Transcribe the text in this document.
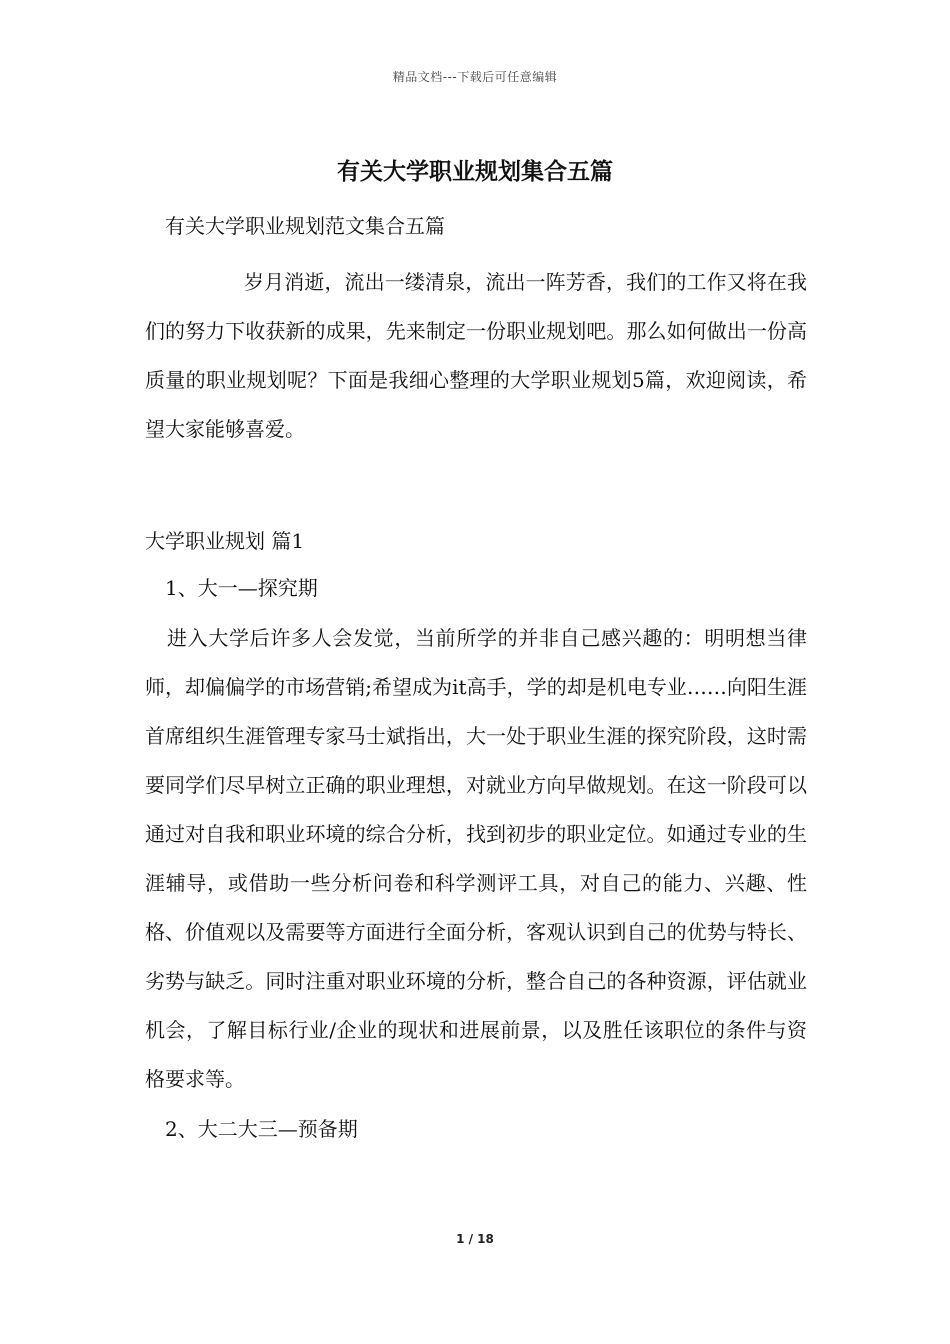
精品文档---下载后可任意编辑
有关大学职业规划集合五篇

有关大学职业规划范文集合五篇

岁月消逝，流出一缕清泉，流出一阵芳香，我们的工作又将在我们的努力下收获新的成果，先来制定一份职业规划吧。那么如何做出一份高质量的职业规划呢？下面是我细心整理的大学职业规划5篇，欢迎阅读，希望大家能够喜爱。

大学职业规划 篇1

1、大一—探究期

进入大学后许多人会发觉，当前所学的并非自己感兴趣的：明明想当律师，却偏偏学的市场营销;希望成为it高手，学的却是机电专业……向阳生涯首席组织生涯管理专家马士斌指出，大一处于职业生涯的探究阶段，这时需要同学们尽早树立正确的职业理想，对就业方向早做规划。在这一阶段可以通过对自我和职业环境的综合分析，找到初步的职业定位。如通过专业的生涯辅导，或借助一些分析问卷和科学测评工具，对自己的能力、兴趣、性格、价值观以及需要等方面进行全面分析，客观认识到自己的优势与特长、劣势与缺乏。同时注重对职业环境的分析，整合自己的各种资源，评估就业机会，了解目标行业/企业的现状和进展前景，以及胜任该职位的条件与资格要求等。

2、大二大三—预备期

1 / 18
